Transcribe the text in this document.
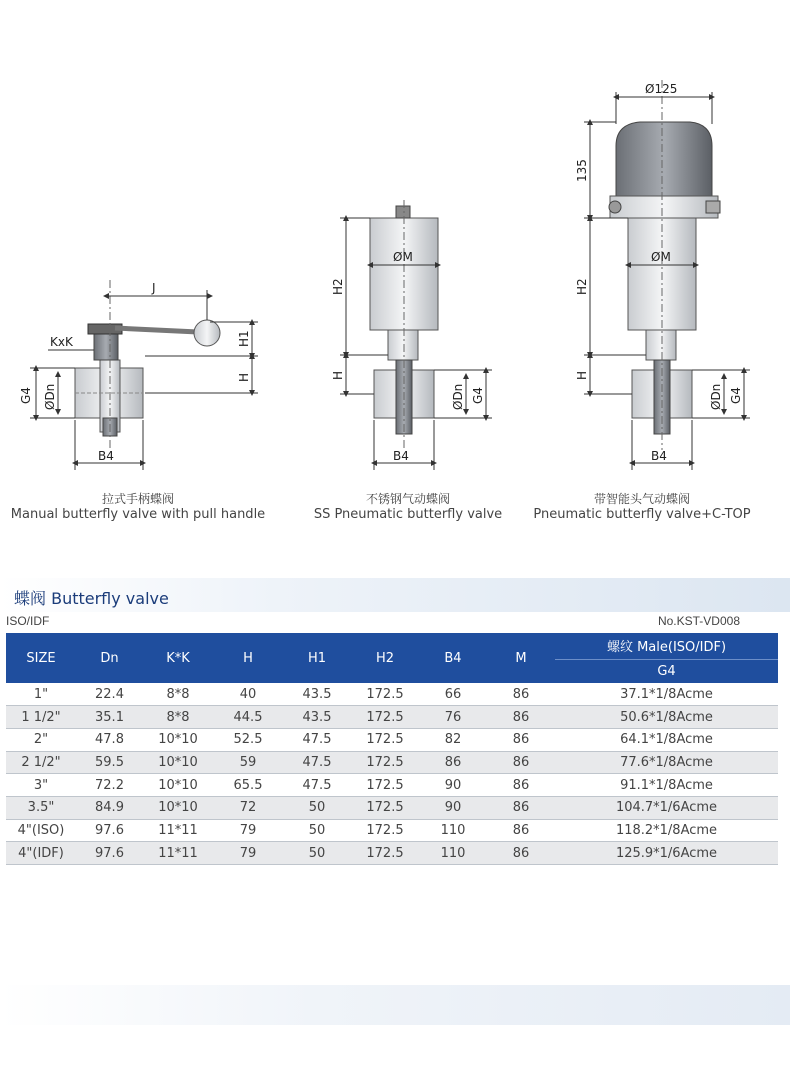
J
KxK	H1
H
G4 ØDn
B4
ØM
H2
H
ØDn G4
B4
Ø125
135
ØM
H2
H
ØDn G4
B4
拉式手柄蝶阀
Manual butterfly valve with pull handle
不锈钢气动蝶阀
SS Pneumatic butterfly valve
带智能头气动蝶阀
Pneumatic butterfly valve+C-TOP
蝶阀 Butterfly valve
ISO/IDF	No.KST-VD008
SIZE	Dn	K*K	H	H1	H2	B4	M	螺纹 Male(ISO/IDF)
								G4
1"	22.4	8*8	40	43.5	172.5	66	86	37.1*1/8Acme
1 1/2"	35.1	8*8	44.5	43.5	172.5	76	86	50.6*1/8Acme
2"	47.8	10*10	52.5	47.5	172.5	82	86	64.1*1/8Acme
2 1/2"	59.5	10*10	59	47.5	172.5	86	86	77.6*1/8Acme
3"	72.2	10*10	65.5	47.5	172.5	90	86	91.1*1/8Acme
3.5"	84.9	10*10	72	50	172.5	90	86	104.7*1/6Acme
4"(ISO)	97.6	11*11	79	50	172.5	110	86	118.2*1/8Acme
4"(IDF)	97.6	11*11	79	50	172.5	110	86	125.9*1/6Acme
